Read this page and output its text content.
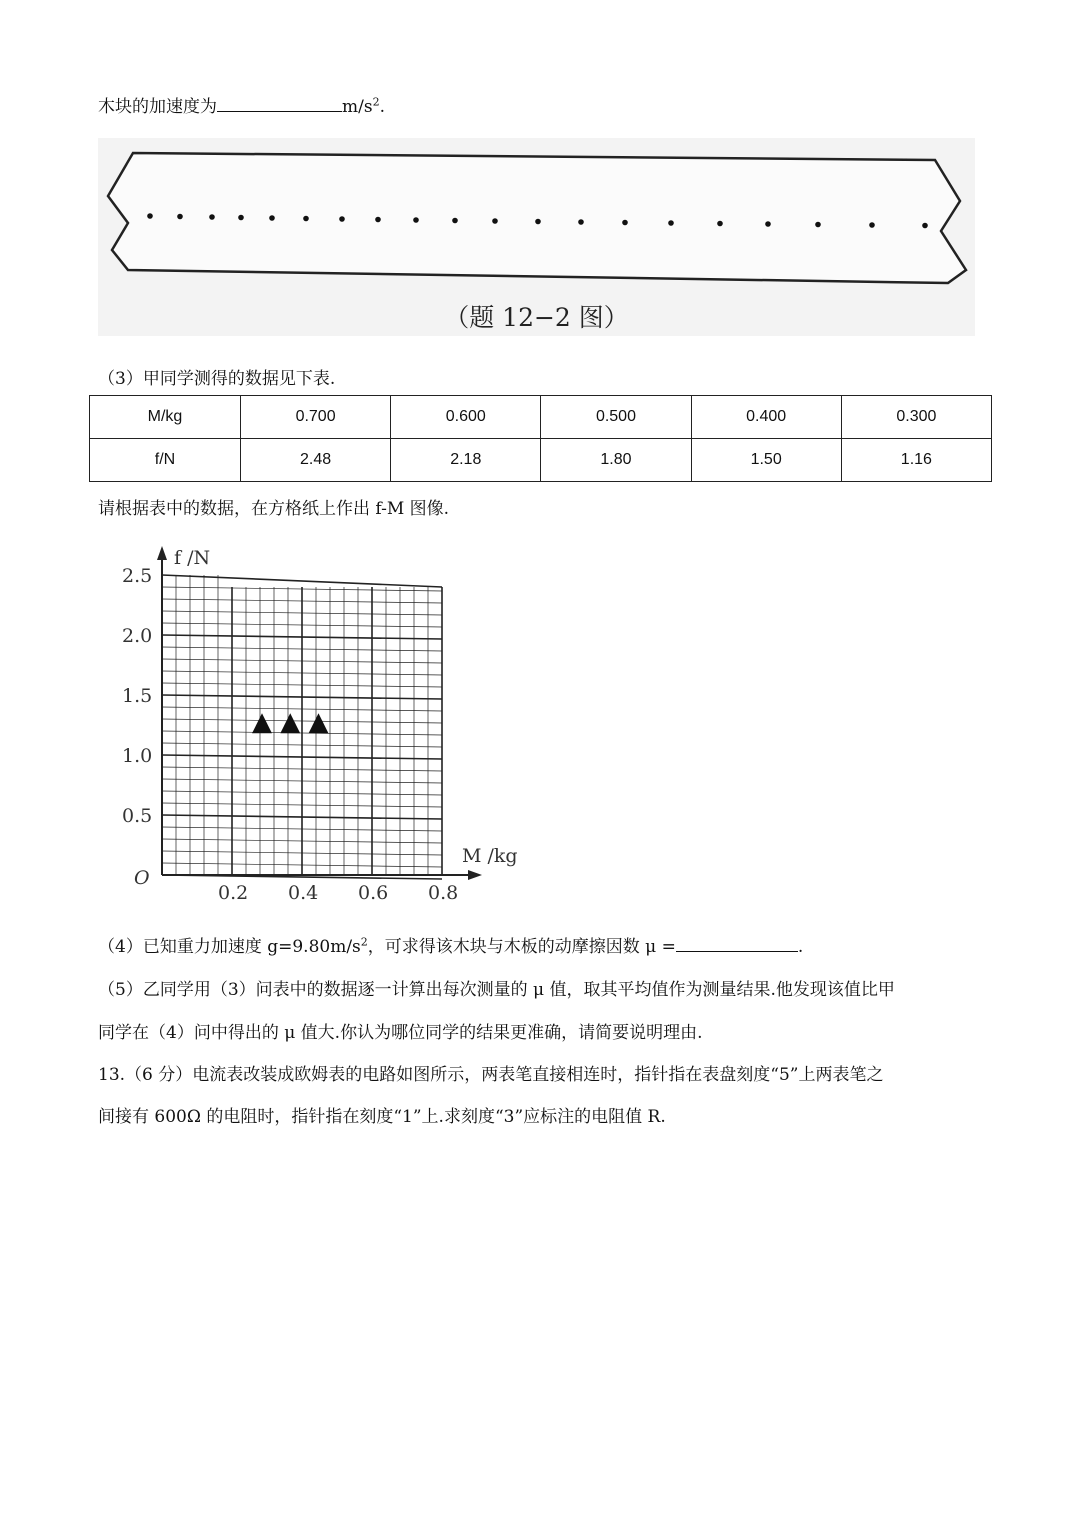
木块的加速度为	$m/s^2$.
（题 12−2 图）
（3）甲同学测得的数据见下表.
M/kg	0.700	0.600	0.500	0.400	0.300
f/N	2.48	2.18	1.80	1.50	1.16
请根据表中的数据，在方格纸上作出 f-M 图像.
f /N
M /kg
O
2.5
2.0
1.5
1.0
0.5
0.2 0.4 0.6 0.8
▲ ▲ ▲
（4）已知重力加速度 $g=9.80m/s^2$，可求得该木块与木板的动摩擦因数 μ =	.
（5）乙同学用（3）问表中的数据逐一计算出每次测量的 μ 值，取其平均值作为测量结果.他发现该值比甲
同学在（4）问中得出的 μ 值大.你认为哪位同学的结果更准确，请简要说明理由.
13.（6 分）电流表改装成欧姆表的电路如图所示，两表笔直接相连时，指针指在表盘刻度“5”上两表笔之
间接有 600Ω 的电阻时，指针指在刻度“1”上.求刻度“3”应标注的电阻值 R.
